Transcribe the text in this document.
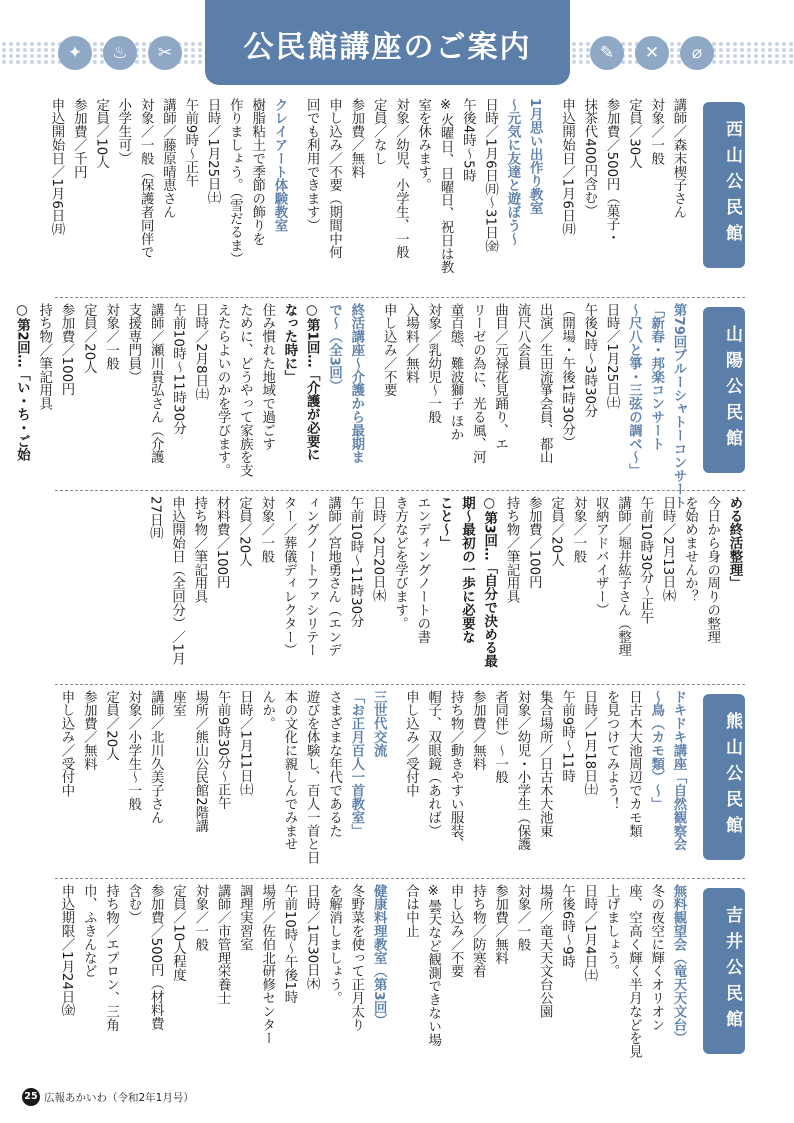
✦	♨	✂	✎	✕	⌀
公民館講座のご案内
西山公民館
講師／森末楔子さん
対象／一般
定員／30人
参加費／500円（菓子・
抹茶代400円含む）
申込開始日／1月6日㈪
1月思い出作り教室
～元気に友達と遊ぼう～
日時／1月6日㈪～31日㈮
午後4時～5時
※火曜日、日曜日、祝日は教
室を休みます。
対象／幼児、小学生、一般
定員／なし
参加費／無料
申し込み／不要（期間中何
回でも利用できます）
クレイアート体験教室
樹脂粘土で季節の飾りを
作りましょう。（雪だるま）
日時／1月25日㈯
午前9時～正午
講師／藤原晴恵さん
対象／一般（保護者同伴で
小学生可）
定員／10人
参加費／千円
申込開始日／1月6日㈪
山陽公民館
第79回ブルーシャトーコンサート
「新春・邦楽コンサート
～尺八と箏・三弦の調べ～」
日時／1月25日㈯
午後2時～3時30分
（開場・午後1時30分）
出演／生田流箏会員、都山
流尺八会員
曲目／元禄花見踊り、エ
リーゼの為に、光る風、河
童百態、難波獅子 ほか
対象／乳幼児～一般
入場料／無料
申し込み／不要
終活講座～介護から最期ま
で～（全3回）
○第1回…「介護が必要に
なった時に」
住み慣れた地域で過ごす
ために、どうやって家族を支
えたらよいのかを学びます。
日時／2月8日㈯
午前10時～11時30分
講師／瀬川貴弘さん（介護
支援専門員）
対象／一般
定員／20人
参加費／100円
持ち物／筆記用具
○第2回…「い・ち・ご始
める終活整理」
今日から身の周りの整理
を始めませんか？
日時／2月13日㈭
午前10時30分～正午
講師／堀井紘子さん（整理
収納アドバイザー）
対象／一般
定員／20人
参加費／100円
持ち物／筆記用具
○第3回…「自分で決める最
期～最初の一歩に必要な
こと～」
エンディングノートの書
き方などを学びます。
日時／2月20日㈭
午前10時～11時30分
講師／宮地勇さん（エンデ
ィングノートファシリテー
ター／葬儀ディレクター）
対象／一般
定員／20人
材料費／100円
持ち物／筆記用具
申込開始日（全回分）／1月
27日㈪
熊山公民館
ドキドキ講座「自然観察会
～鳥（カモ類）～」
日古木大池周辺でカモ類
を見つけてみよう！
日時／1月18日㈯
午前9時～11時
集合場所／日古木大池東
対象／幼児・小学生（保護
者同伴）～一般
参加費／無料
持ち物／動きやすい服装、
帽子、双眼鏡（あれば）
申し込み／受付中
三世代交流
「お正月百人一首教室」
さまざまな年代であるた
遊びを体験し、百人一首と日
本の文化に親しんでみませ
んか。
日時／1月11日㈯
午前9時30分～正午
場所／熊山公民館2階講
座室
講師／北川久美子さん
対象／小学生～一般
定員／20人
参加費／無料
申し込み／受付中
吉井公民館
無料観望会（竜天天文台）
冬の夜空に輝くオリオン
座、空高く輝く半月などを見
上げましょう。
日時／1月4日㈯
午後6時～9時
場所／竜天天文台公園
対象／一般
参加費／無料
持ち物／防寒着
申し込み／不要
※曇天など観測できない場
合は中止
健康料理教室（第3回）
冬野菜を使って正月太り
を解消しましょう。
日時／1月30日㈭
午前10時～午後1時
場所／佐伯北研修センター
調理実習室
講師／市管理栄養士
対象／一般
定員／10人程度
参加費／500円（材料費
含む）
持ち物／エプロン、三角
巾、ふきんなど
申込期限／1月24日㈮
25 広報あかいわ（令和2年1月号）
